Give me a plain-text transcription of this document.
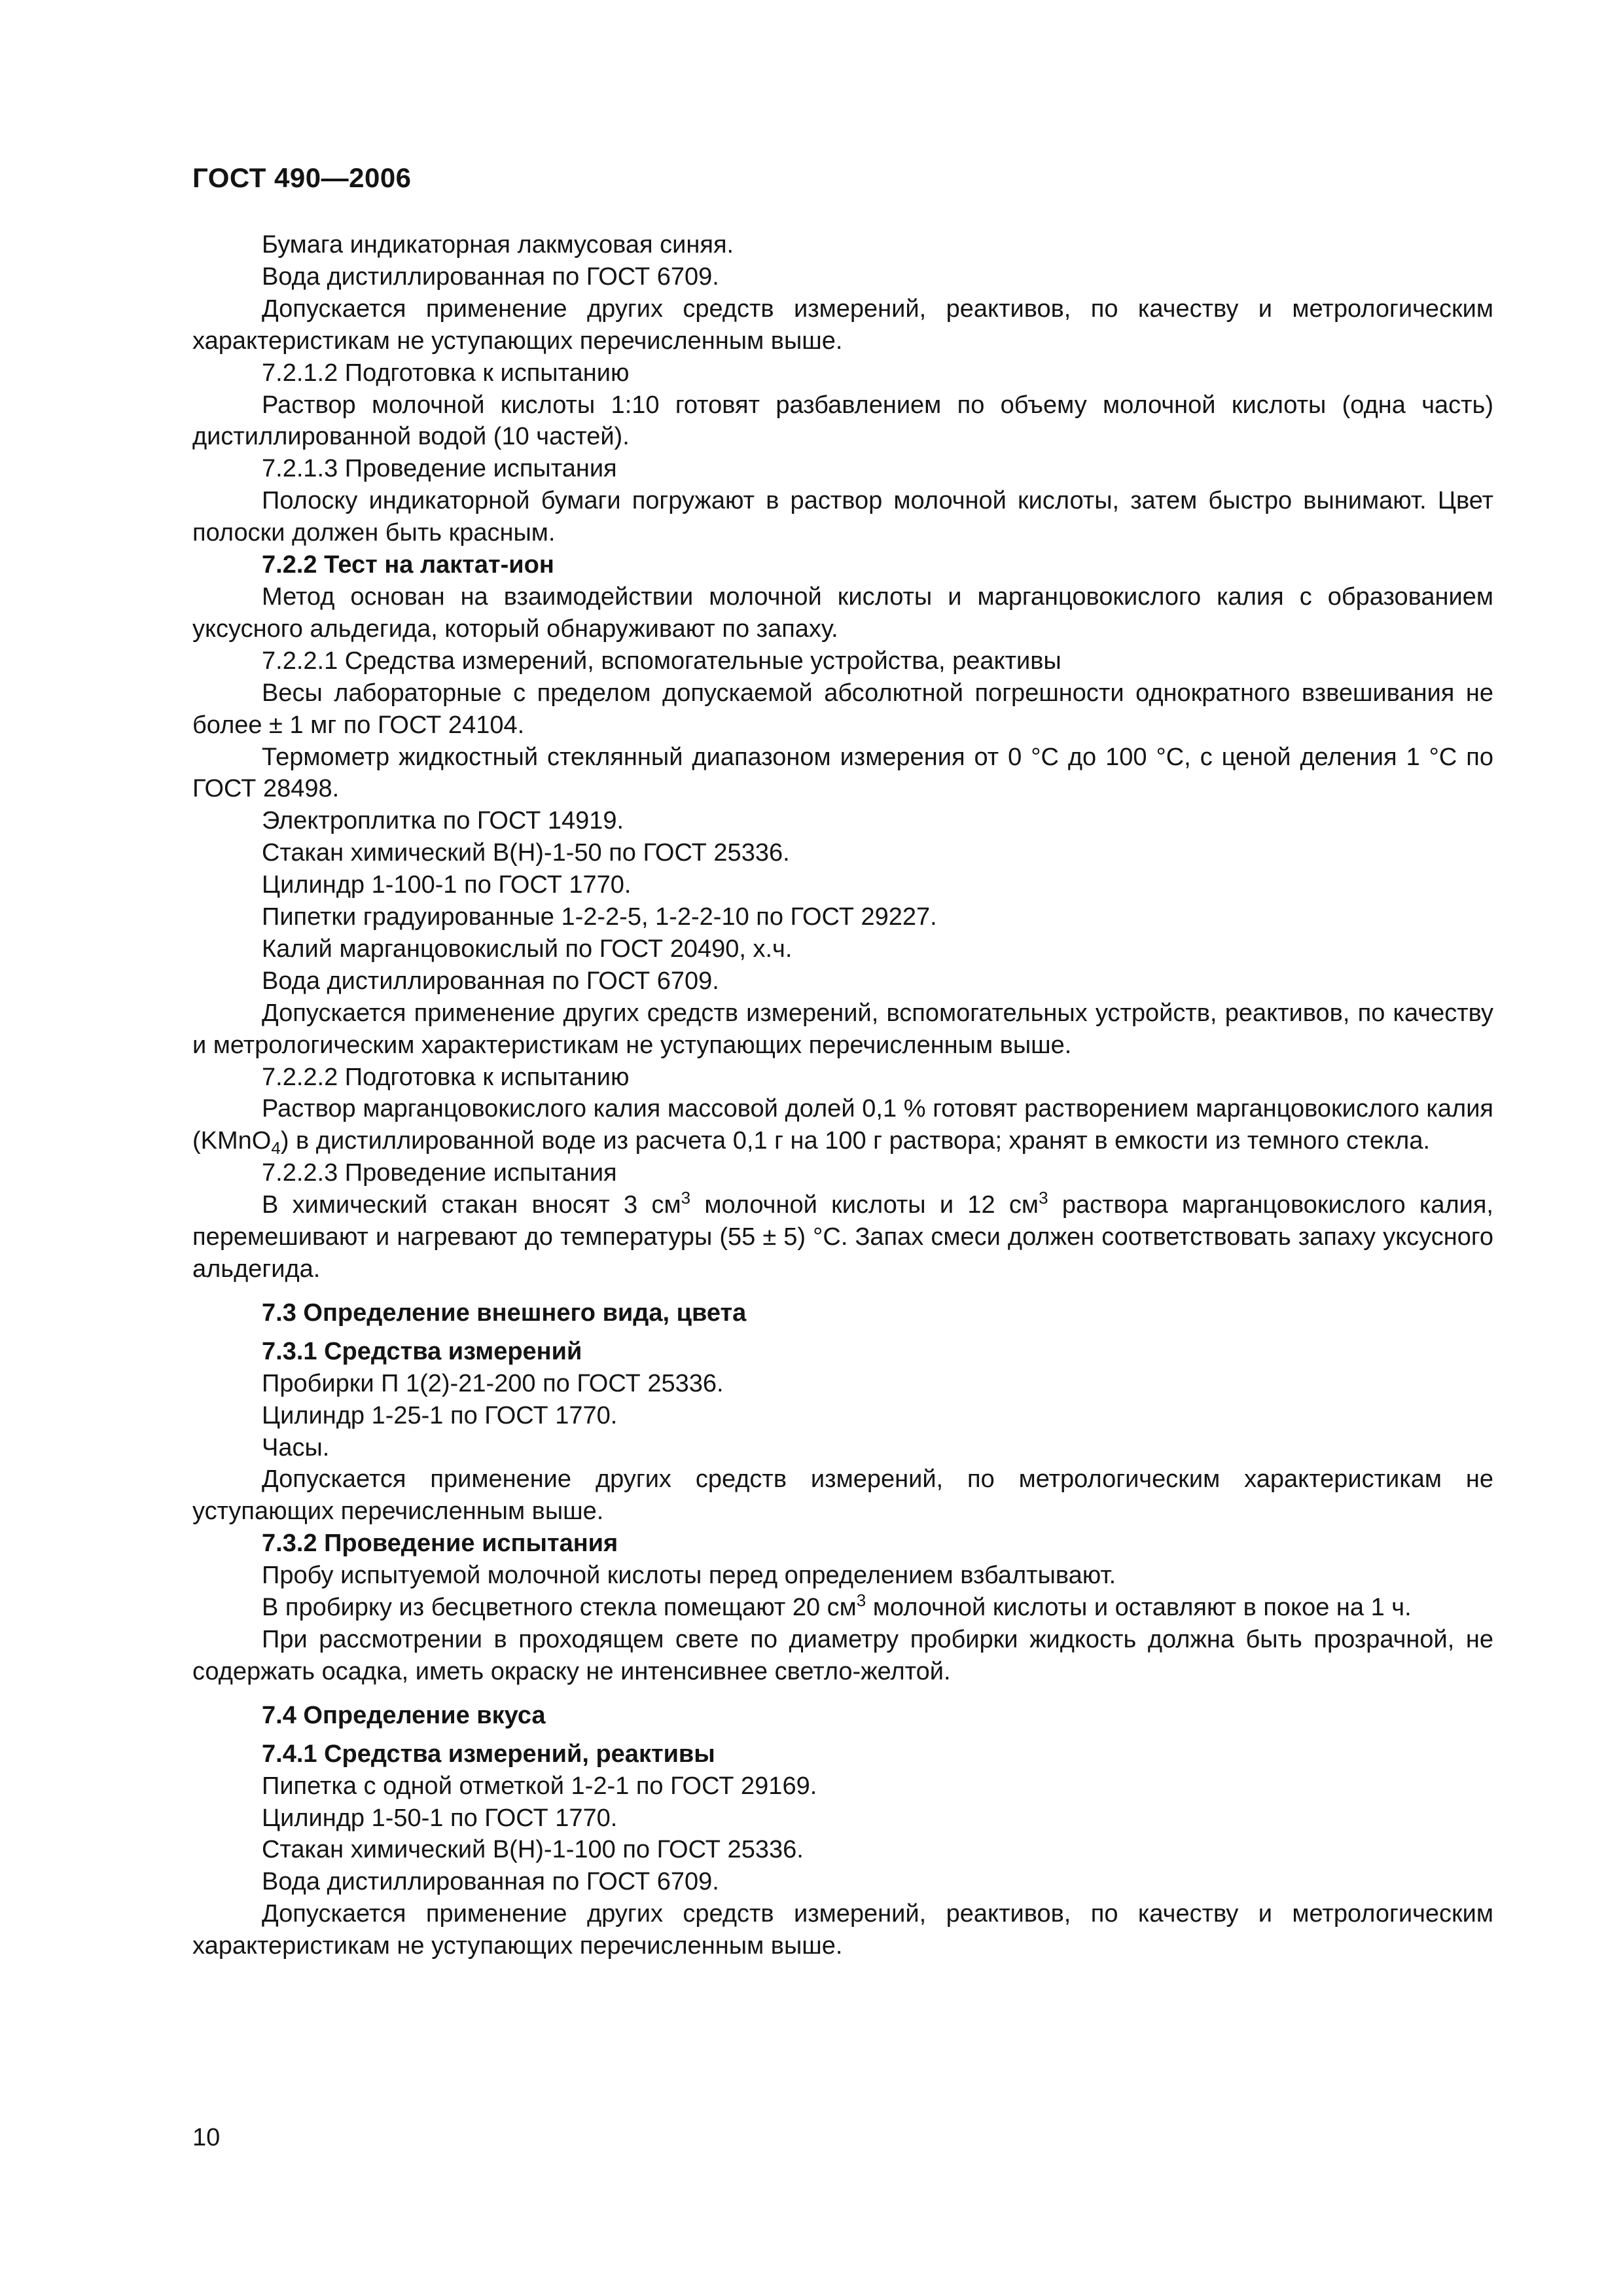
ГОСТ 490—2006

Бумага индикаторная лакмусовая синяя.

Вода дистиллированная по ГОСТ 6709.

Допускается применение других средств измерений, реактивов, по качеству и метрологическим характеристикам не уступающих перечисленным выше.

7.2.1.2 Подготовка к испытанию

Раствор молочной кислоты 1:10 готовят разбавлением по объему молочной кислоты (одна часть) дистиллированной водой (10 частей).

7.2.1.3 Проведение испытания

Полоску индикаторной бумаги погружают в раствор молочной кислоты, затем быстро вынимают. Цвет полоски должен быть красным.

7.2.2 Тест на лактат-ион

Метод основан на взаимодействии молочной кислоты и марганцовокислого калия с образованием уксусного альдегида, который обнаруживают по запаху.

7.2.2.1 Средства измерений, вспомогательные устройства, реактивы

Весы лабораторные с пределом допускаемой абсолютной погрешности однократного взвешивания не более ± 1 мг по ГОСТ 24104.

Термометр жидкостный стеклянный диапазоном измерения от 0 °С до 100 °С, с ценой деления 1 °С по ГОСТ 28498.

Электроплитка по ГОСТ 14919.

Стакан химический В(Н)-1-50 по ГОСТ 25336.

Цилиндр 1-100-1 по ГОСТ 1770.

Пипетки градуированные 1-2-2-5, 1-2-2-10 по ГОСТ 29227.

Калий марганцовокислый по ГОСТ 20490, х.ч.

Вода дистиллированная по ГОСТ 6709.

Допускается применение других средств измерений, вспомогательных устройств, реактивов, по качеству и метрологическим характеристикам не уступающих перечисленным выше.

7.2.2.2 Подготовка к испытанию

Раствор марганцовокислого калия массовой долей 0,1 % готовят растворением марганцовокислого калия (KMnO$_4$) в дистиллированной воде из расчета 0,1 г на 100 г раствора; хранят в емкости из темного стекла.

7.2.2.3 Проведение испытания

В химический стакан вносят 3 $см^3$ молочной кислоты и 12 $см^3$ раствора марганцовокислого калия, перемешивают и нагревают до температуры (55 ± 5) °С. Запах смеси должен соответствовать запаху уксусного альдегида.

7.3 Определение внешнего вида, цвета

7.3.1 Средства измерений

Пробирки П 1(2)-21-200 по ГОСТ 25336.

Цилиндр 1-25-1 по ГОСТ 1770.

Часы.

Допускается применение других средств измерений, по метрологическим характеристикам не уступающих перечисленным выше.

7.3.2 Проведение испытания

Пробу испытуемой молочной кислоты перед определением взбалтывают.

В пробирку из бесцветного стекла помещают 20 $см^3$ молочной кислоты и оставляют в покое на 1 ч.

При рассмотрении в проходящем свете по диаметру пробирки жидкость должна быть прозрачной, не содержать осадка, иметь окраску не интенсивнее светло-желтой.

7.4 Определение вкуса

7.4.1 Средства измерений, реактивы

Пипетка с одной отметкой 1-2-1 по ГОСТ 29169.

Цилиндр 1-50-1 по ГОСТ 1770.

Стакан химический В(Н)-1-100 по ГОСТ 25336.

Вода дистиллированная по ГОСТ 6709.

Допускается применение других средств измерений, реактивов, по качеству и метрологическим характеристикам не уступающих перечисленным выше.

10
